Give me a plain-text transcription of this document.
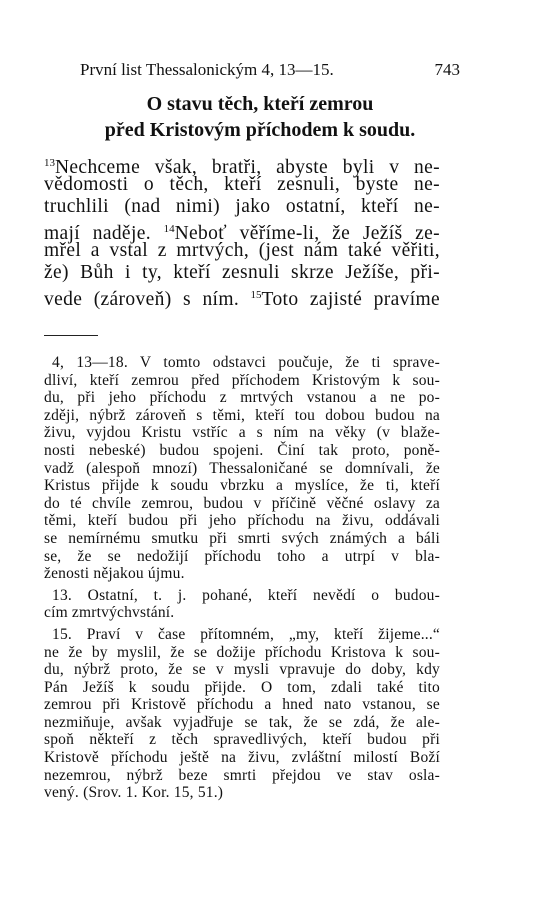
První list Thessalonickým 4, 13—15.	743
O stavu těch, kteří zemrou
před Kristovým příchodem k soudu.
$^{13}$Nechceme však, bratři, abyste byli v ne-
vědomosti o těch, kteří zesnuli, byste ne-
truchlili (nad nimi) jako ostatní, kteří ne-
mají naděje. $^{14}$Neboť věříme-li, že Ježíš ze-
mřel a vstal z mrtvých, (jest nám také věřiti,
že) Bůh i ty, kteří zesnuli skrze Ježíše, při-
vede (zároveň) s ním. $^{15}$Toto zajisté pravíme
4, 13—18. V tomto odstavci poučuje, že ti sprave-
dliví, kteří zemrou před příchodem Kristovým k sou-
du, při jeho příchodu z mrtvých vstanou a ne po-
zději, nýbrž zároveň s těmi, kteří tou dobou budou na
živu, vyjdou Kristu vstříc a s ním na věky (v blaže-
nosti nebeské) budou spojeni. Činí tak proto, poně-
vadž (alespoň mnozí) Thessaloničané se domnívali, že
Kristus přijde k soudu vbrzku a myslíce, že ti, kteří
do té chvíle zemrou, budou v příčině věčné oslavy za
těmi, kteří budou při jeho příchodu na živu, oddávali
se nemírnému smutku při smrti svých známých a báli
se, že se nedožijí příchodu toho a utrpí v bla-
ženosti nějakou újmu.
13. Ostatní, t. j. pohané, kteří nevědí o budou-
cím zmrtvýchvstání.
15. Praví v čase přítomném, „my, kteří žijeme...“
ne že by myslil, že se dožije příchodu Kristova k sou-
du, nýbrž proto, že se v mysli vpravuje do doby, kdy
Pán Ježíš k soudu přijde. O tom, zdali také tito
zemrou při Kristově příchodu a hned nato vstanou, se
nezmiňuje, avšak vyjadřuje se tak, že se zdá, že ale-
spoň někteří z těch spravedlivých, kteří budou při
Kristově příchodu ještě na živu, zvláštní milostí Boží
nezemrou, nýbrž beze smrti přejdou ve stav osla-
vený. (Srov. 1. Kor. 15, 51.)
